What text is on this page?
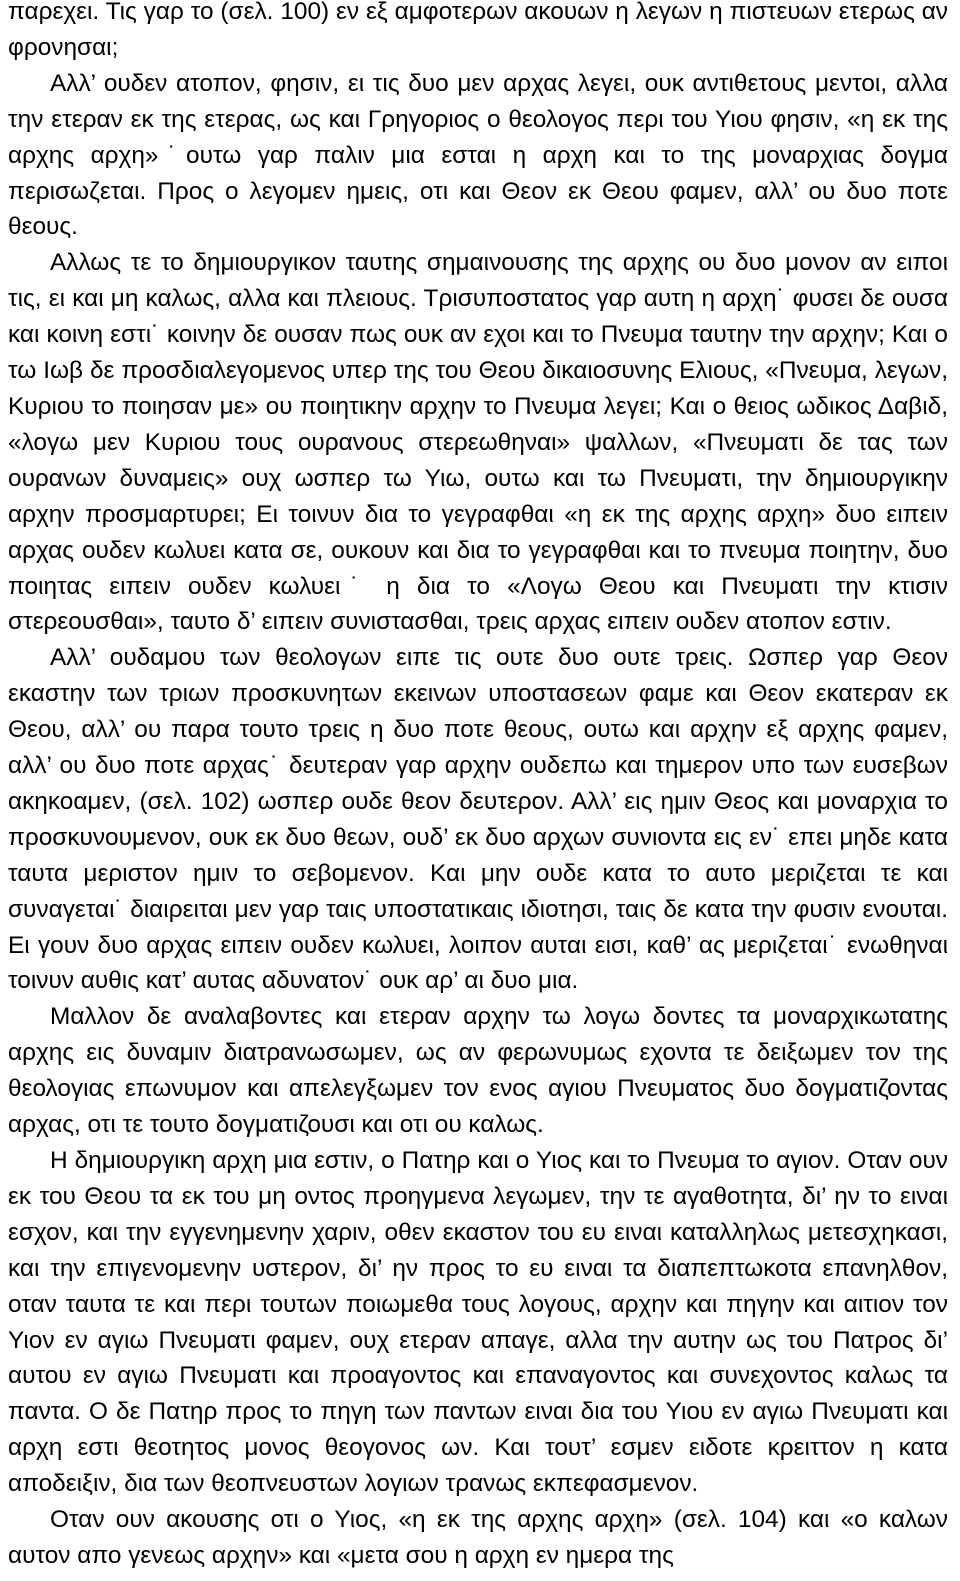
παρεχει. Τις γαρ το (σελ. 100) εν εξ αμφοτερων ακουων η λεγων η πιστευων ετερως αν φρονησαι;

Αλλ’ ουδεν ατοπον, φησιν, ει τις δυο μεν αρχας λεγει, ουκ αντιθετους μεντοι, αλλα την ετεραν εκ της ετερας, ως και Γρηγοριος ο θεολογος περι του Υιου φησιν, «η εκ της αρχης αρχη»˙ουτω γαρ παλιν μια εσται η αρχη και το της μοναρχιας δογμα περισωζεται. Προς ο λεγομεν ημεις, οτι και Θεον εκ Θεου φαμεν, αλλ’ ου δυο ποτε θεους.

Αλλως τε το δημιουργικον ταυτης σημαινουσης της αρχης ου δυο μονον αν ειποι τις, ει και μη καλως, αλλα και πλειους. Τρισυποστατος γαρ αυτη η αρχη˙ φυσει δε ουσα και κοινη εστι˙ κοινην δε ουσαν πως ουκ αν εχοι και το Πνευμα ταυτην την αρχην; Και ο τω Ιωβ δε προσδιαλεγομενος υπερ της του Θεου δικαιοσυνης Ελιους, «Πνευμα, λεγων, Κυριου το ποιησαν με» ου ποιητικην αρχην το Πνευμα λεγει; Και ο θειος ωδικος Δαβιδ, «λογω μεν Κυριου τους ουρανους στερεωθηναι» ψαλλων, «Πνευματι δε τας των ουρανων δυναμεις» ουχ ωσπερ τω Υιω, ουτω και τω Πνευματι, την δημιουργικην αρχην προσμαρτυρει; Ει τοινυν δια το γεγραφθαι «η εκ της αρχης αρχη» δυο ειπειν αρχας ουδεν κωλυει κατα σε, ουκουν και δια το γεγραφθαι και το πνευμα ποιητην, δυο ποιητας ειπειν ουδεν κωλυει˙ η δια το «Λογω Θεου και Πνευματι την κτισιν στερεουσθαι», ταυτο δ’ ειπειν συνιστασθαι, τρεις αρχας ειπειν ουδεν ατοπον εστιν.

Αλλ’ ουδαμου των θεολογων ειπε τις ουτε δυο ουτε τρεις. Ωσπερ γαρ Θεον εκαστην των τριων προσκυνητων εκεινων υποστασεων φαμε και Θεον εκατεραν εκ Θεου, αλλ’ ου παρα τουτο τρεις η δυο ποτε θεους, ουτω και αρχην εξ αρχης φαμεν, αλλ’ ου δυο ποτε αρχας˙ δευτεραν γαρ αρχην ουδεπω και τημερον υπο των ευσεβων ακηκοαμεν, (σελ. 102) ωσπερ ουδε θεον δευτερον. Αλλ’ εις ημιν Θεος και μοναρχια το προσκυνουμενον, ουκ εκ δυο θεων, ουδ’ εκ δυο αρχων συνιοντα εις εν˙ επει μηδε κατα ταυτα μεριστον ημιν το σεβομενον. Και μην ουδε κατα το αυτο μεριζεται τε και συναγεται˙ διαιρειται μεν γαρ ταις υποστατικαις ιδιοτησι, ταις δε κατα την φυσιν ενουται. Ει γουν δυο αρχας ειπειν ουδεν κωλυει, λοιπον αυται εισι, καθ’ ας μεριζεται˙ ενωθηναι τοινυν αυθις κατ’ αυτας αδυνατον˙ ουκ αρ’ αι δυο μια.

Μαλλον δε αναλαβοντες και ετεραν αρχην τω λογω δοντες τα μοναρχικωτατης αρχης εις δυναμιν διατρανωσωμεν, ως αν φερωνυμως εχοντα τε δειξωμεν τον της θεολογιας επωνυμον και απελεγξωμεν τον ενος αγιου Πνευματος δυο δογματιζοντας αρχας, οτι τε τουτο δογματιζουσι και οτι ου καλως.

Η δημιουργικη αρχη μια εστιν, ο Πατηρ και ο Υιος και το Πνευμα το αγιον. Οταν ουν εκ του Θεου τα εκ του μη οντος προηγμενα λεγωμεν, την τε αγαθοτητα, δι’ ην το ειναι εσχον, και την εγγενημενην χαριν, οθεν εκαστον του ευ ειναι καταλληλως μετεσχηκασι, και την επιγενομενην υστερον, δι’ ην προς το ευ ειναι τα διαπεπτωκοτα επανηλθον, οταν ταυτα τε και περι τουτων ποιωμεθα τους λογους, αρχην και πηγην και αιτιον τον Υιον εν αγιω Πνευματι φαμεν, ουχ ετεραν απαγε, αλλα την αυτην ως του Πατρος δι’ αυτου εν αγιω Πνευματι και προαγοντος και επαναγοντος και συνεχοντος καλως τα παντα. Ο δε Πατηρ προς το πηγη των παντων ειναι δια του Υιου εν αγιω Πνευματι και αρχη εστι θεοτητος μονος θεογονος ων. Και τουτ’ εσμεν ειδοτε κρειττον η κατα αποδειξιν, δια των θεοπνευστων λογιων τρανως εκπεφασμενον.

Οταν ουν ακουσης οτι ο Υιος, «η εκ της αρχης αρχη» (σελ. 104) και «ο καλων αυτον απο γενεως αρχην» και «μετα σου η αρχη εν ημερα της
